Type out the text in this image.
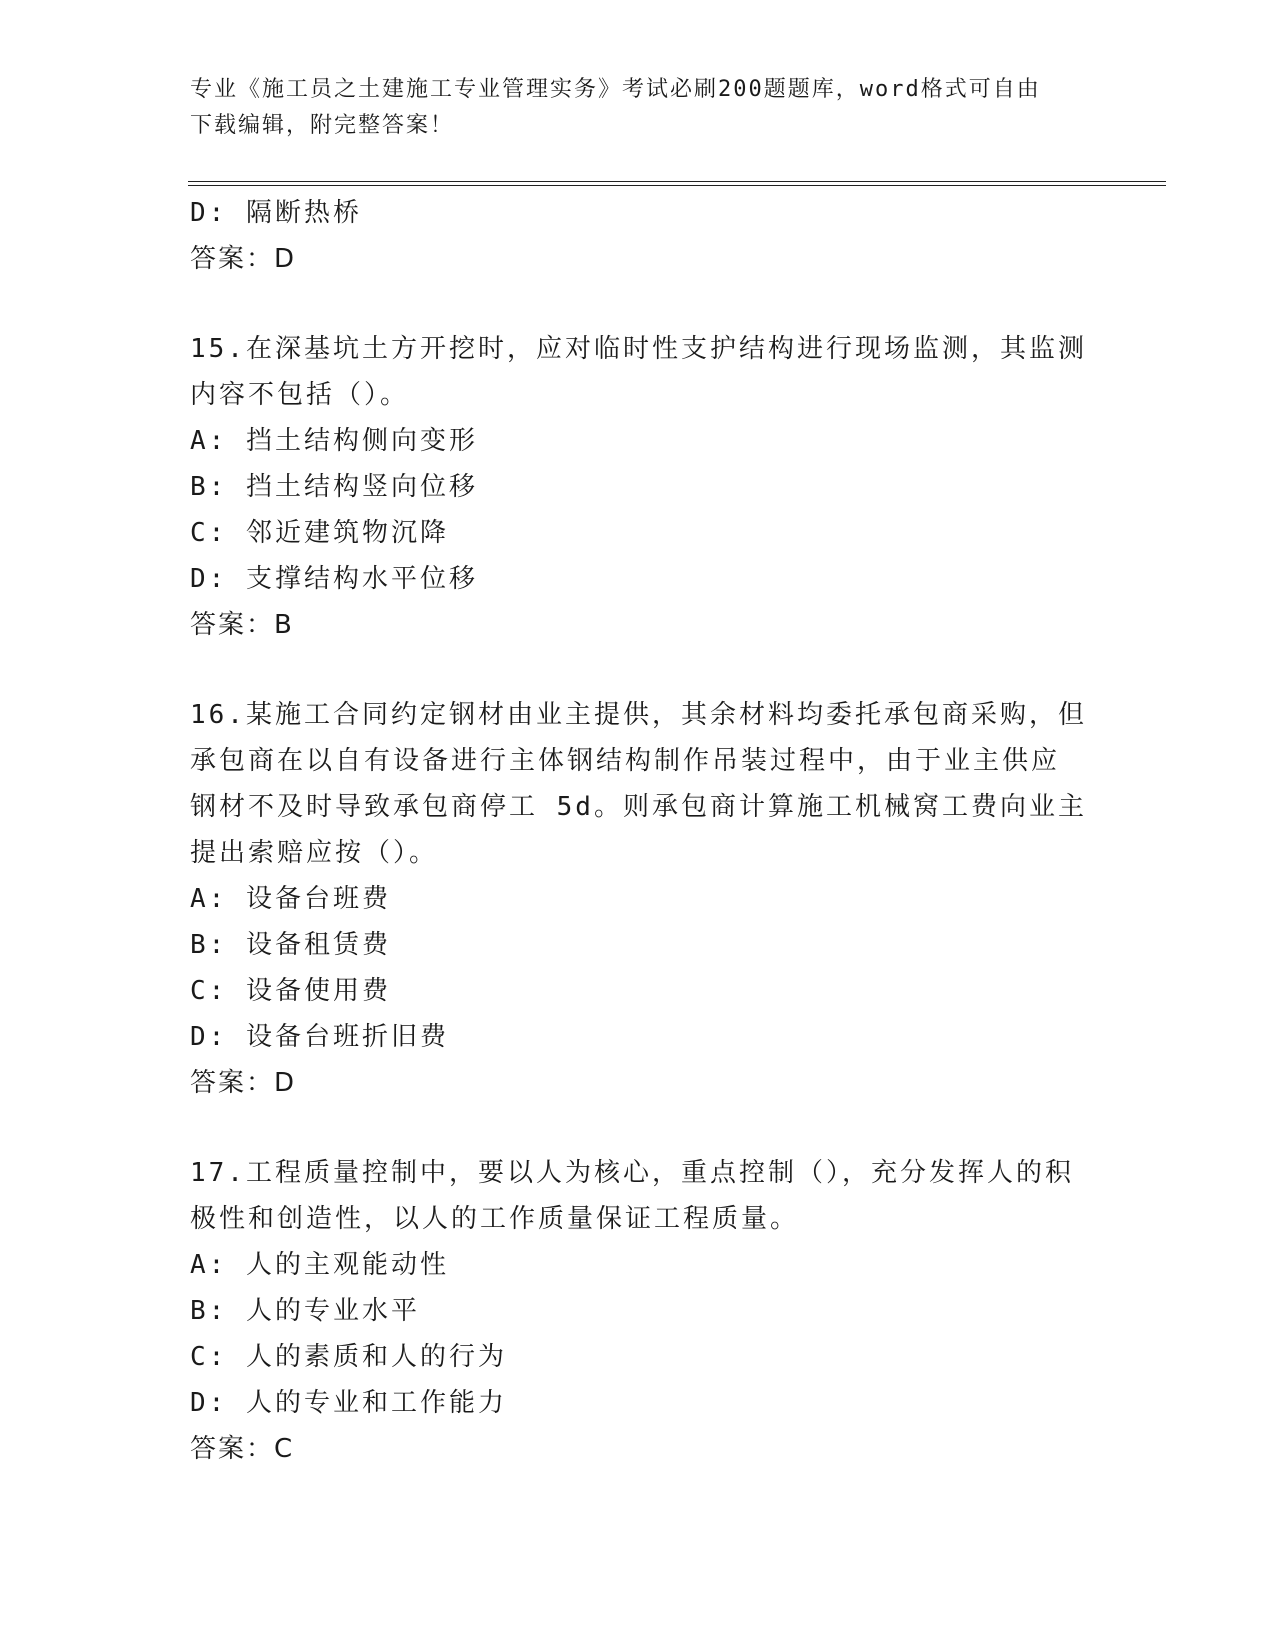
专业《施工员之土建施工专业管理实务》考试必刷200题题库，word格式可自由
下载编辑，附完整答案！
D: 隔断热桥
答案：D
15.在深基坑土方开挖时，应对临时性支护结构进行现场监测，其监测
内容不包括（）。
A: 挡土结构侧向变形
B: 挡土结构竖向位移
C: 邻近建筑物沉降
D: 支撑结构水平位移
答案：B
16.某施工合同约定钢材由业主提供，其余材料均委托承包商采购，但
承包商在以自有设备进行主体钢结构制作吊装过程中，由于业主供应
钢材不及时导致承包商停工 5d。则承包商计算施工机械窝工费向业主
提出索赔应按（）。
A: 设备台班费
B: 设备租赁费
C: 设备使用费
D: 设备台班折旧费
答案：D
17.工程质量控制中，要以人为核心，重点控制（），充分发挥人的积
极性和创造性，以人的工作质量保证工程质量。
A: 人的主观能动性
B: 人的专业水平
C: 人的素质和人的行为
D: 人的专业和工作能力
答案：C
